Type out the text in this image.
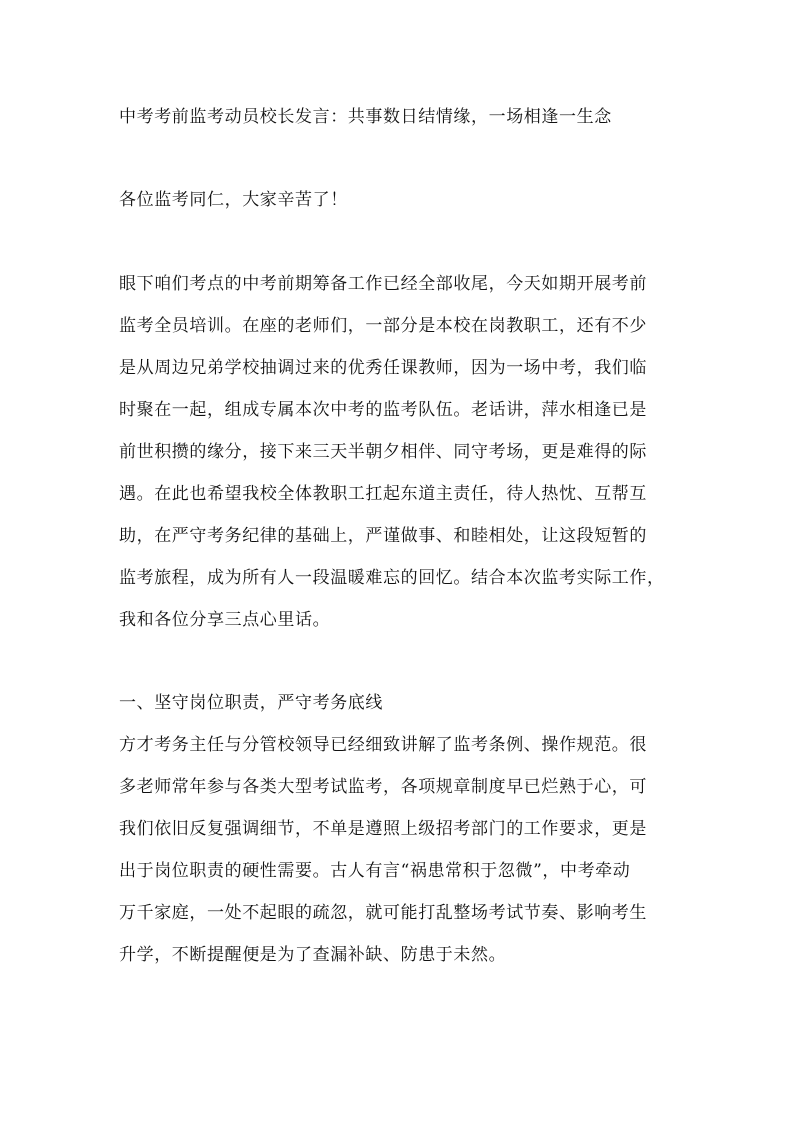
中考考前监考动员校长发言：共事数日结情缘，一场相逢一生念
各位监考同仁，大家辛苦了！
眼下咱们考点的中考前期筹备工作已经全部收尾，今天如期开展考前
监考全员培训。在座的老师们，一部分是本校在岗教职工，还有不少
是从周边兄弟学校抽调过来的优秀任课教师，因为一场中考，我们临
时聚在一起，组成专属本次中考的监考队伍。老话讲，萍水相逢已是
前世积攒的缘分，接下来三天半朝夕相伴、同守考场，更是难得的际
遇。在此也希望我校全体教职工扛起东道主责任，待人热忱、互帮互
助，在严守考务纪律的基础上，严谨做事、和睦相处，让这段短暂的
监考旅程，成为所有人一段温暖难忘的回忆。结合本次监考实际工作，
我和各位分享三点心里话。
一、坚守岗位职责，严守考务底线
方才考务主任与分管校领导已经细致讲解了监考条例、操作规范。很
多老师常年参与各类大型考试监考，各项规章制度早已烂熟于心，可
我们依旧反复强调细节，不单是遵照上级招考部门的工作要求，更是
出于岗位职责的硬性需要。古人有言“祸患常积于忽微”，中考牵动
万千家庭，一处不起眼的疏忽，就可能打乱整场考试节奏、影响考生
升学，不断提醒便是为了查漏补缺、防患于未然。
